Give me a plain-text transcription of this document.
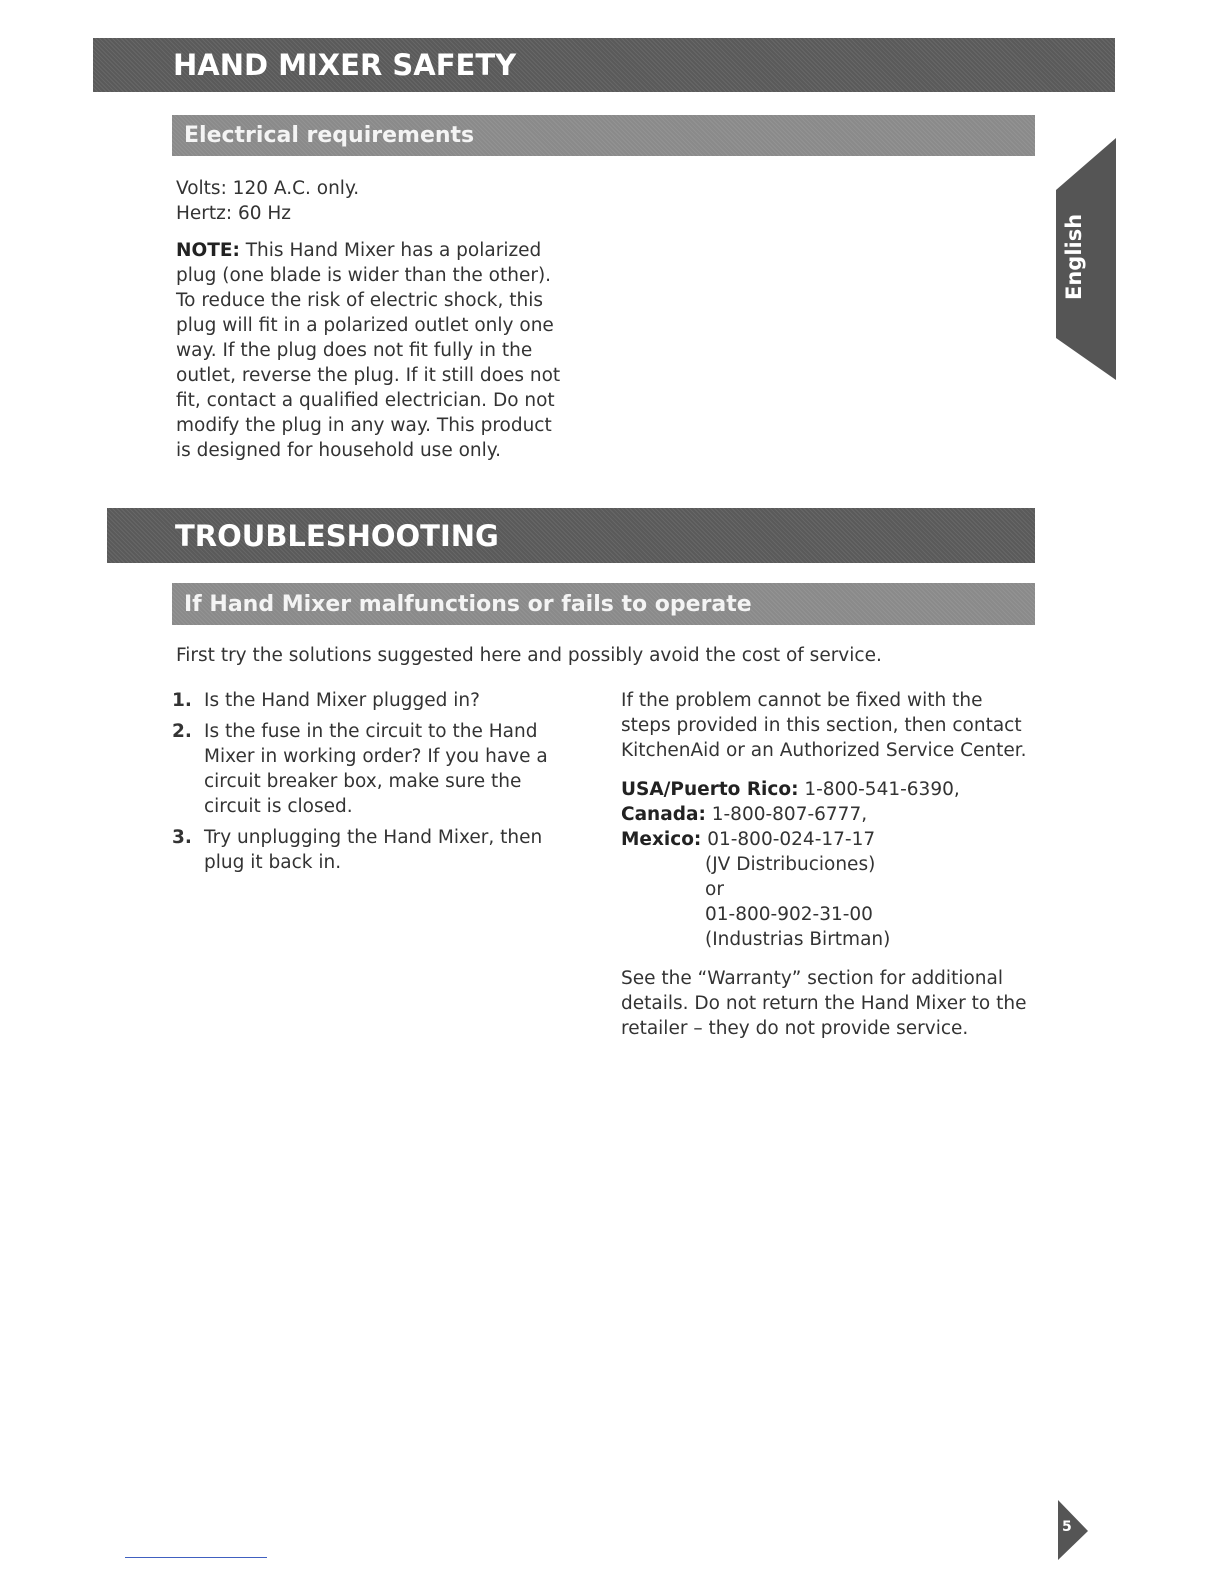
HAND MIXER SAFETY
Electrical requirements

Volts: 120 A.C. only.

Hertz: 60 Hz

NOTE: This Hand Mixer has a polarized plug (one blade is wider than the other). To reduce the risk of electric shock, this plug will fit in a polarized outlet only one way. If the plug does not fit fully in the outlet, reverse the plug. If it still does not fit, contact a qualified electrician. Do not modify the plug in any way. This product is designed for household use only.

English
TROUBLESHOOTING
If Hand Mixer malfunctions or fails to operate

First try the solutions suggested here and possibly avoid the cost of service.

1. Is the Hand Mixer plugged in?
2. Is the fuse in the circuit to the Hand Mixer in working order? If you have a circuit breaker box, make sure the circuit is closed.
3. Try unplugging the Hand Mixer, then plug it back in.

If the problem cannot be fixed with the steps provided in this section, then contact KitchenAid or an Authorized Service Center.

USA/Puerto Rico: 1-800-541-6390,

Canada: 1-800-807-6777,

Mexico: 01-800-024-17-17

(JV Distribuciones)

or

01-800-902-31-00

(Industrias Birtman)

See the “Warranty” section for additional details. Do not return the Hand Mixer to the retailer – they do not provide service.

5
